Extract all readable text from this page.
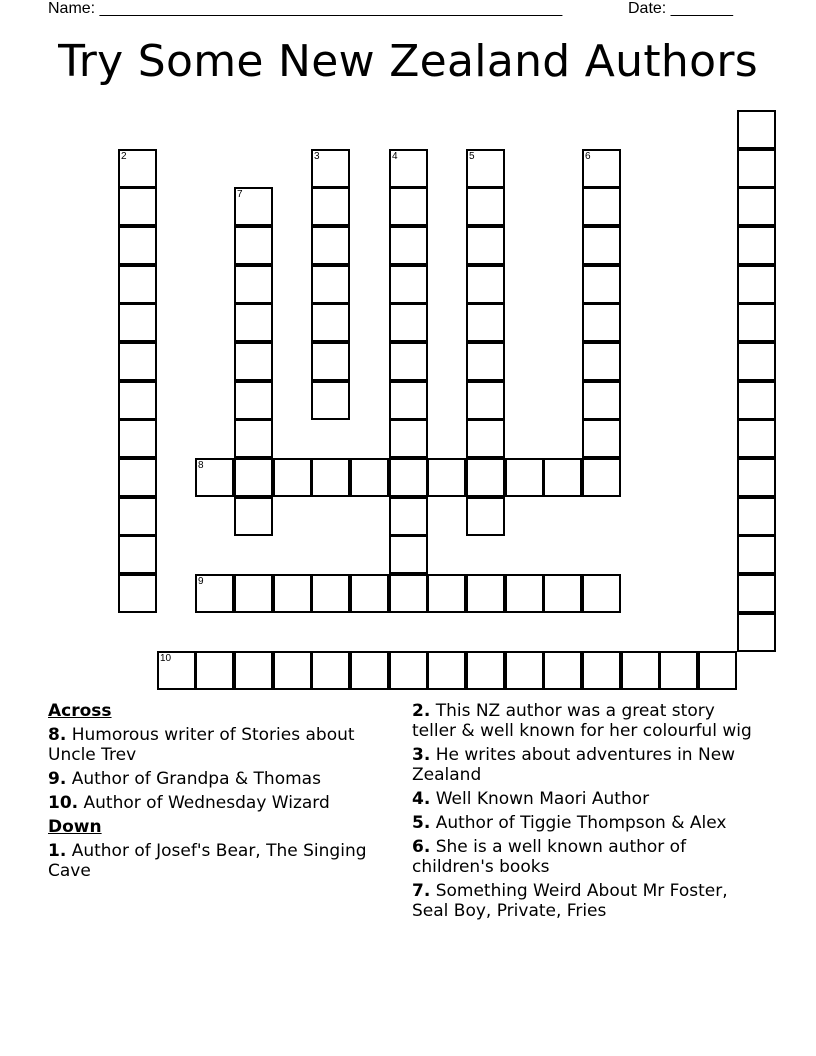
Name: ____________________________________________________	Date: _______
Try Some New Zealand Authors
2	3	4	5	6
7
8
9
10
Across
8. Humorous writer of Stories about Uncle Trev
9. Author of Grandpa & Thomas
10. Author of Wednesday Wizard
Down
1. Author of Josef's Bear, The Singing Cave
2. This NZ author was a great story teller & well known for her colourful wig
3. He writes about adventures in New Zealand
4. Well Known Maori Author
5. Author of Tiggie Thompson & Alex
6. She is a well known author of children's books
7. Something Weird About Mr Foster, Seal Boy, Private, Fries
